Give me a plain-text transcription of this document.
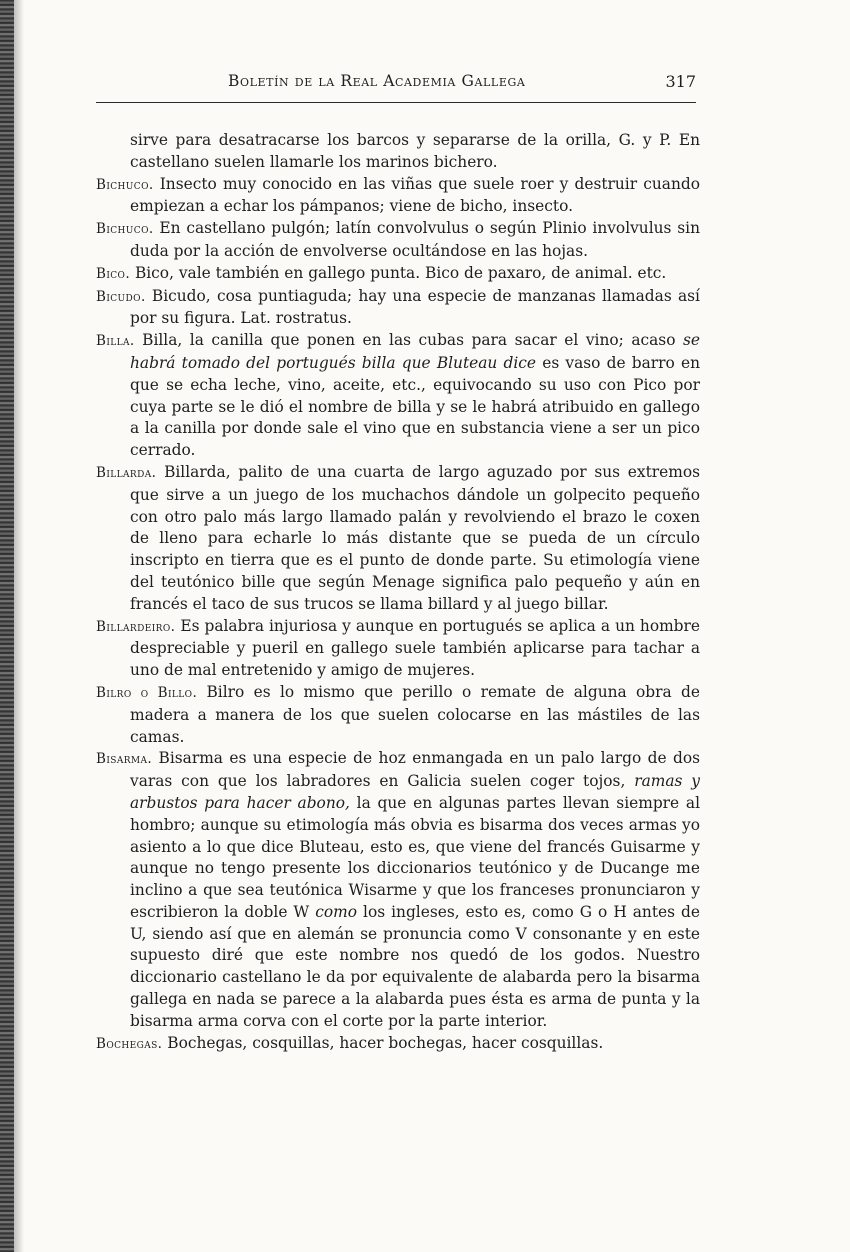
Boletín de la Real Academia Gallega	317
sirve para desatracarse los barcos y separarse de la orilla, G. y P. En castellano suelen llamarle los marinos bichero.
Bichuco. Insecto muy conocido en las viñas que suele roer y destruir cuando empiezan a echar los pámpanos; viene de bicho, insecto.
Bichuco. En castellano pulgón; latín convolvulus o según Plinio involvulus sin duda por la acción de envolverse ocultándose en las hojas.
Bico. Bico, vale también en gallego punta. Bico de paxaro, de animal. etc.
Bicudo. Bicudo, cosa puntiaguda; hay una especie de manzanas llamadas así por su figura. Lat. rostratus.
Billa. Billa, la canilla que ponen en las cubas para sacar el vino; acaso se habrá tomado del portugués billa que Bluteau dice es vaso de barro en que se echa leche, vino, aceite, etc., equivocando su uso con Pico por cuya parte se le dió el nombre de billa y se le habrá atribuido en gallego a la canilla por donde sale el vino que en substancia viene a ser un pico cerrado.
Billarda. Billarda, palito de una cuarta de largo aguzado por sus extremos que sirve a un juego de los muchachos dándole un golpecito pequeño con otro palo más largo llamado palán y revolviendo el brazo le coxen de lleno para echarle lo más distante que se pueda de un círculo inscripto en tierra que es el punto de donde parte. Su etimología viene del teutónico bille que según Menage significa palo pequeño y aún en francés el taco de sus trucos se llama billard y al juego billar.
Billardeiro. Es palabra injuriosa y aunque en portugués se aplica a un hombre despreciable y pueril en gallego suele también aplicarse para tachar a uno de mal entretenido y amigo de mujeres.
Bilro o Billo. Bilro es lo mismo que perillo o remate de alguna obra de madera a manera de los que suelen colocarse en las mástiles de las camas.
Bisarma. Bisarma es una especie de hoz enmangada en un palo largo de dos varas con que los labradores en Galicia suelen coger tojos, ramas y arbustos para hacer abono, la que en algunas partes llevan siempre al hombro; aunque su etimología más obvia es bisarma dos veces armas yo asiento a lo que dice Bluteau, esto es, que viene del francés Guisarme y aunque no tengo presente los diccionarios teutónico y de Ducange me inclino a que sea teutónica Wisarme y que los franceses pronunciaron y escribieron la doble W como los ingleses, esto es, como G o H antes de U, siendo así que en alemán se pronuncia como V consonante y en este supuesto diré que este nombre nos quedó de los godos. Nuestro diccionario castellano le da por equivalente de alabarda pero la bisarma gallega en nada se parece a la alabarda pues ésta es arma de punta y la bisarma arma corva con el corte por la parte interior.
Bochegas. Bochegas, cosquillas, hacer bochegas, hacer cosquillas.
